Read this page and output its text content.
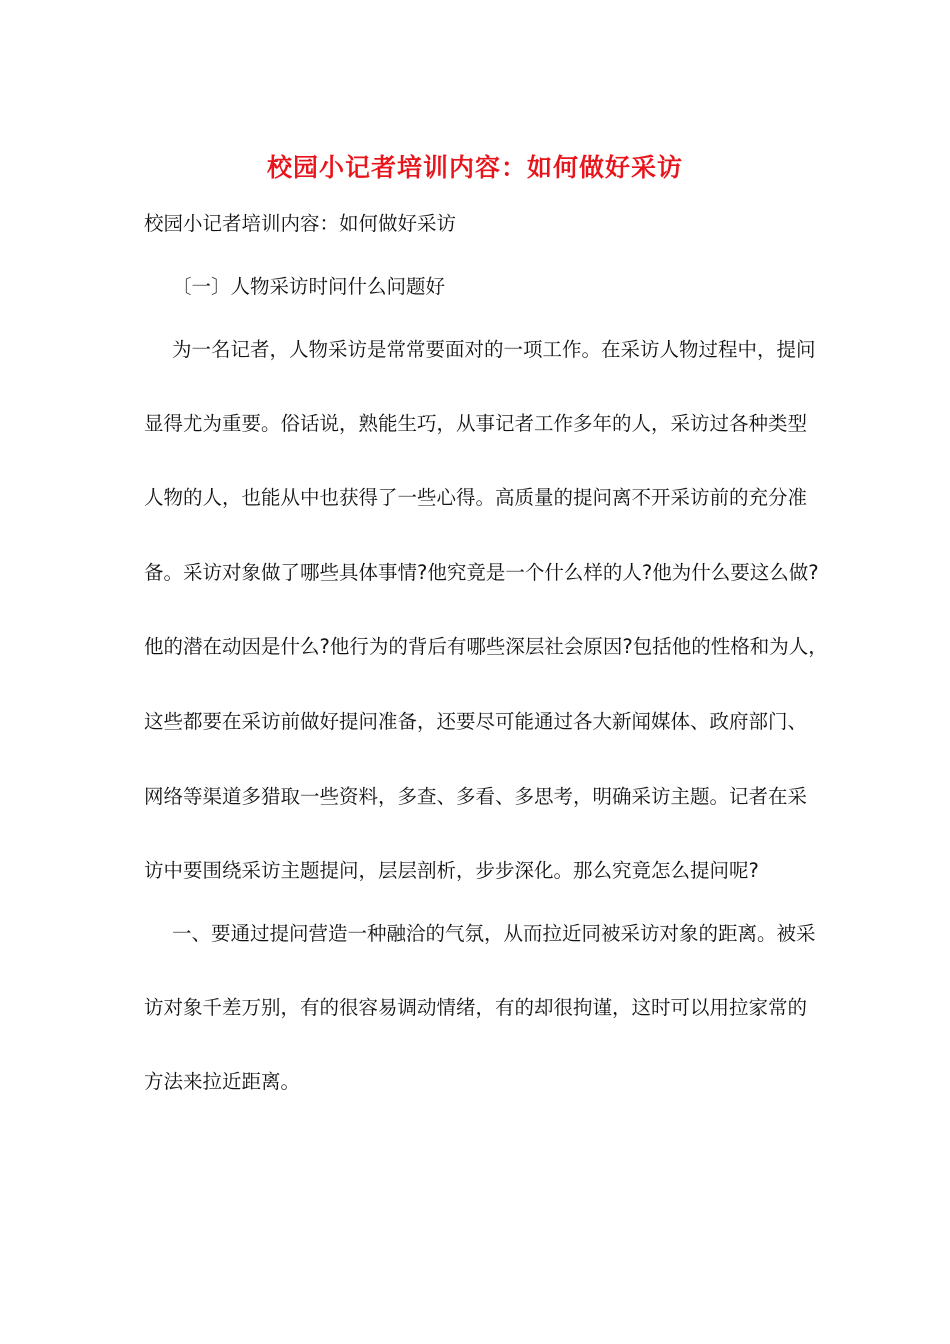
校园小记者培训内容：如何做好采访
校园小记者培训内容：如何做好采访
〔一〕人物采访时问什么问题好
为一名记者，人物采访是常常要面对的一项工作。在采访人物过程中，提问
显得尤为重要。俗话说，熟能生巧，从事记者工作多年的人，采访过各种类型
人物的人，也能从中也获得了一些心得。高质量的提问离不开采访前的充分准
备。采访对象做了哪些具体事情?他究竟是一个什么样的人?他为什么要这么做?
他的潜在动因是什么?他行为的背后有哪些深层社会原因?包括他的性格和为人，
这些都要在采访前做好提问准备，还要尽可能通过各大新闻媒体、政府部门、
网络等渠道多猎取一些资料，多查、多看、多思考，明确采访主题。记者在采
访中要围绕采访主题提问，层层剖析，步步深化。那么究竟怎么提问呢?
一、要通过提问营造一种融洽的气氛，从而拉近同被采访对象的距离。被采
访对象千差万别，有的很容易调动情绪，有的却很拘谨，这时可以用拉家常的
方法来拉近距离。
